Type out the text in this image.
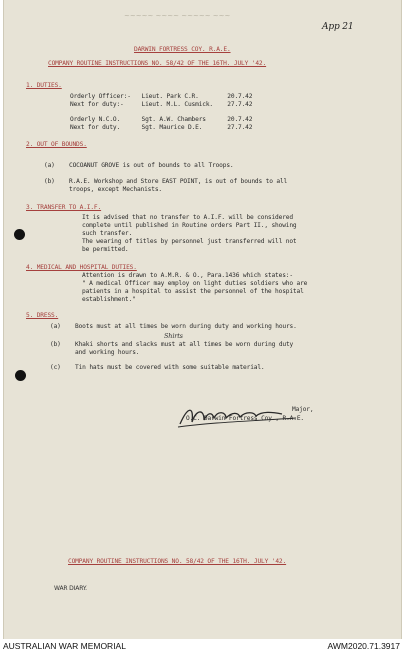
~~~~~ ~~~~ ~~~~~ ~~~
App 21
DARWIN FORTRESS COY. R.A.E.
COMPANY ROUTINE INSTRUCTIONS NO. 58/42 OF THE 16TH. JULY '42.
1. DUTIES.
Orderly Officer:-   Lieut. Park C.R.        20.7.42
Next for duty:-     Lieut. M.L. Cusmick.    27.7.42
Orderly N.C.O.      Sgt. A.W. Chambers      20.7.42
Next for duty.      Sgt. Maurice D.E.       27.7.42
2. OUT OF BOUNDS.
(a)    COCOANUT GROVE is out of bounds to all Troops.
(b)    R.A.E. Workshop and Store EAST POINT, is out of bounds to all
troops, except Mechanists.
3. TRANSFER TO A.I.F.
It is advised that no transfer to A.I.F. will be considered
complete until published in Routine orders Part II., showing
such transfer.
The wearing of titles by personnel just transferred will not
be permitted.
4. MEDICAL AND HOSPITAL DUTIES.
Attention is drawn to A.M.R. & O., Para.1436 which states:-
" A medical Officer may employ on light duties soldiers who are
patients in a hospital to assist the personnel of the hospital
establishment."
5. DRESS.
(a)    Boots must at all times be worn during duty and working hours.
Shirts
(b)    Khaki shorts and slacks must at all times be worn during duty
and working hours.
(c)    Tin hats must be covered with some suitable material.
Major,
O.C. Darwin Fortress Coy., R.A.E.
COMPANY ROUTINE INSTRUCTIONS NO. 58/42 OF THE 16TH. JULY '42.
WAR DIARY.
AUSTRALIAN WAR MEMORIAL	AWM2020.71.3917
